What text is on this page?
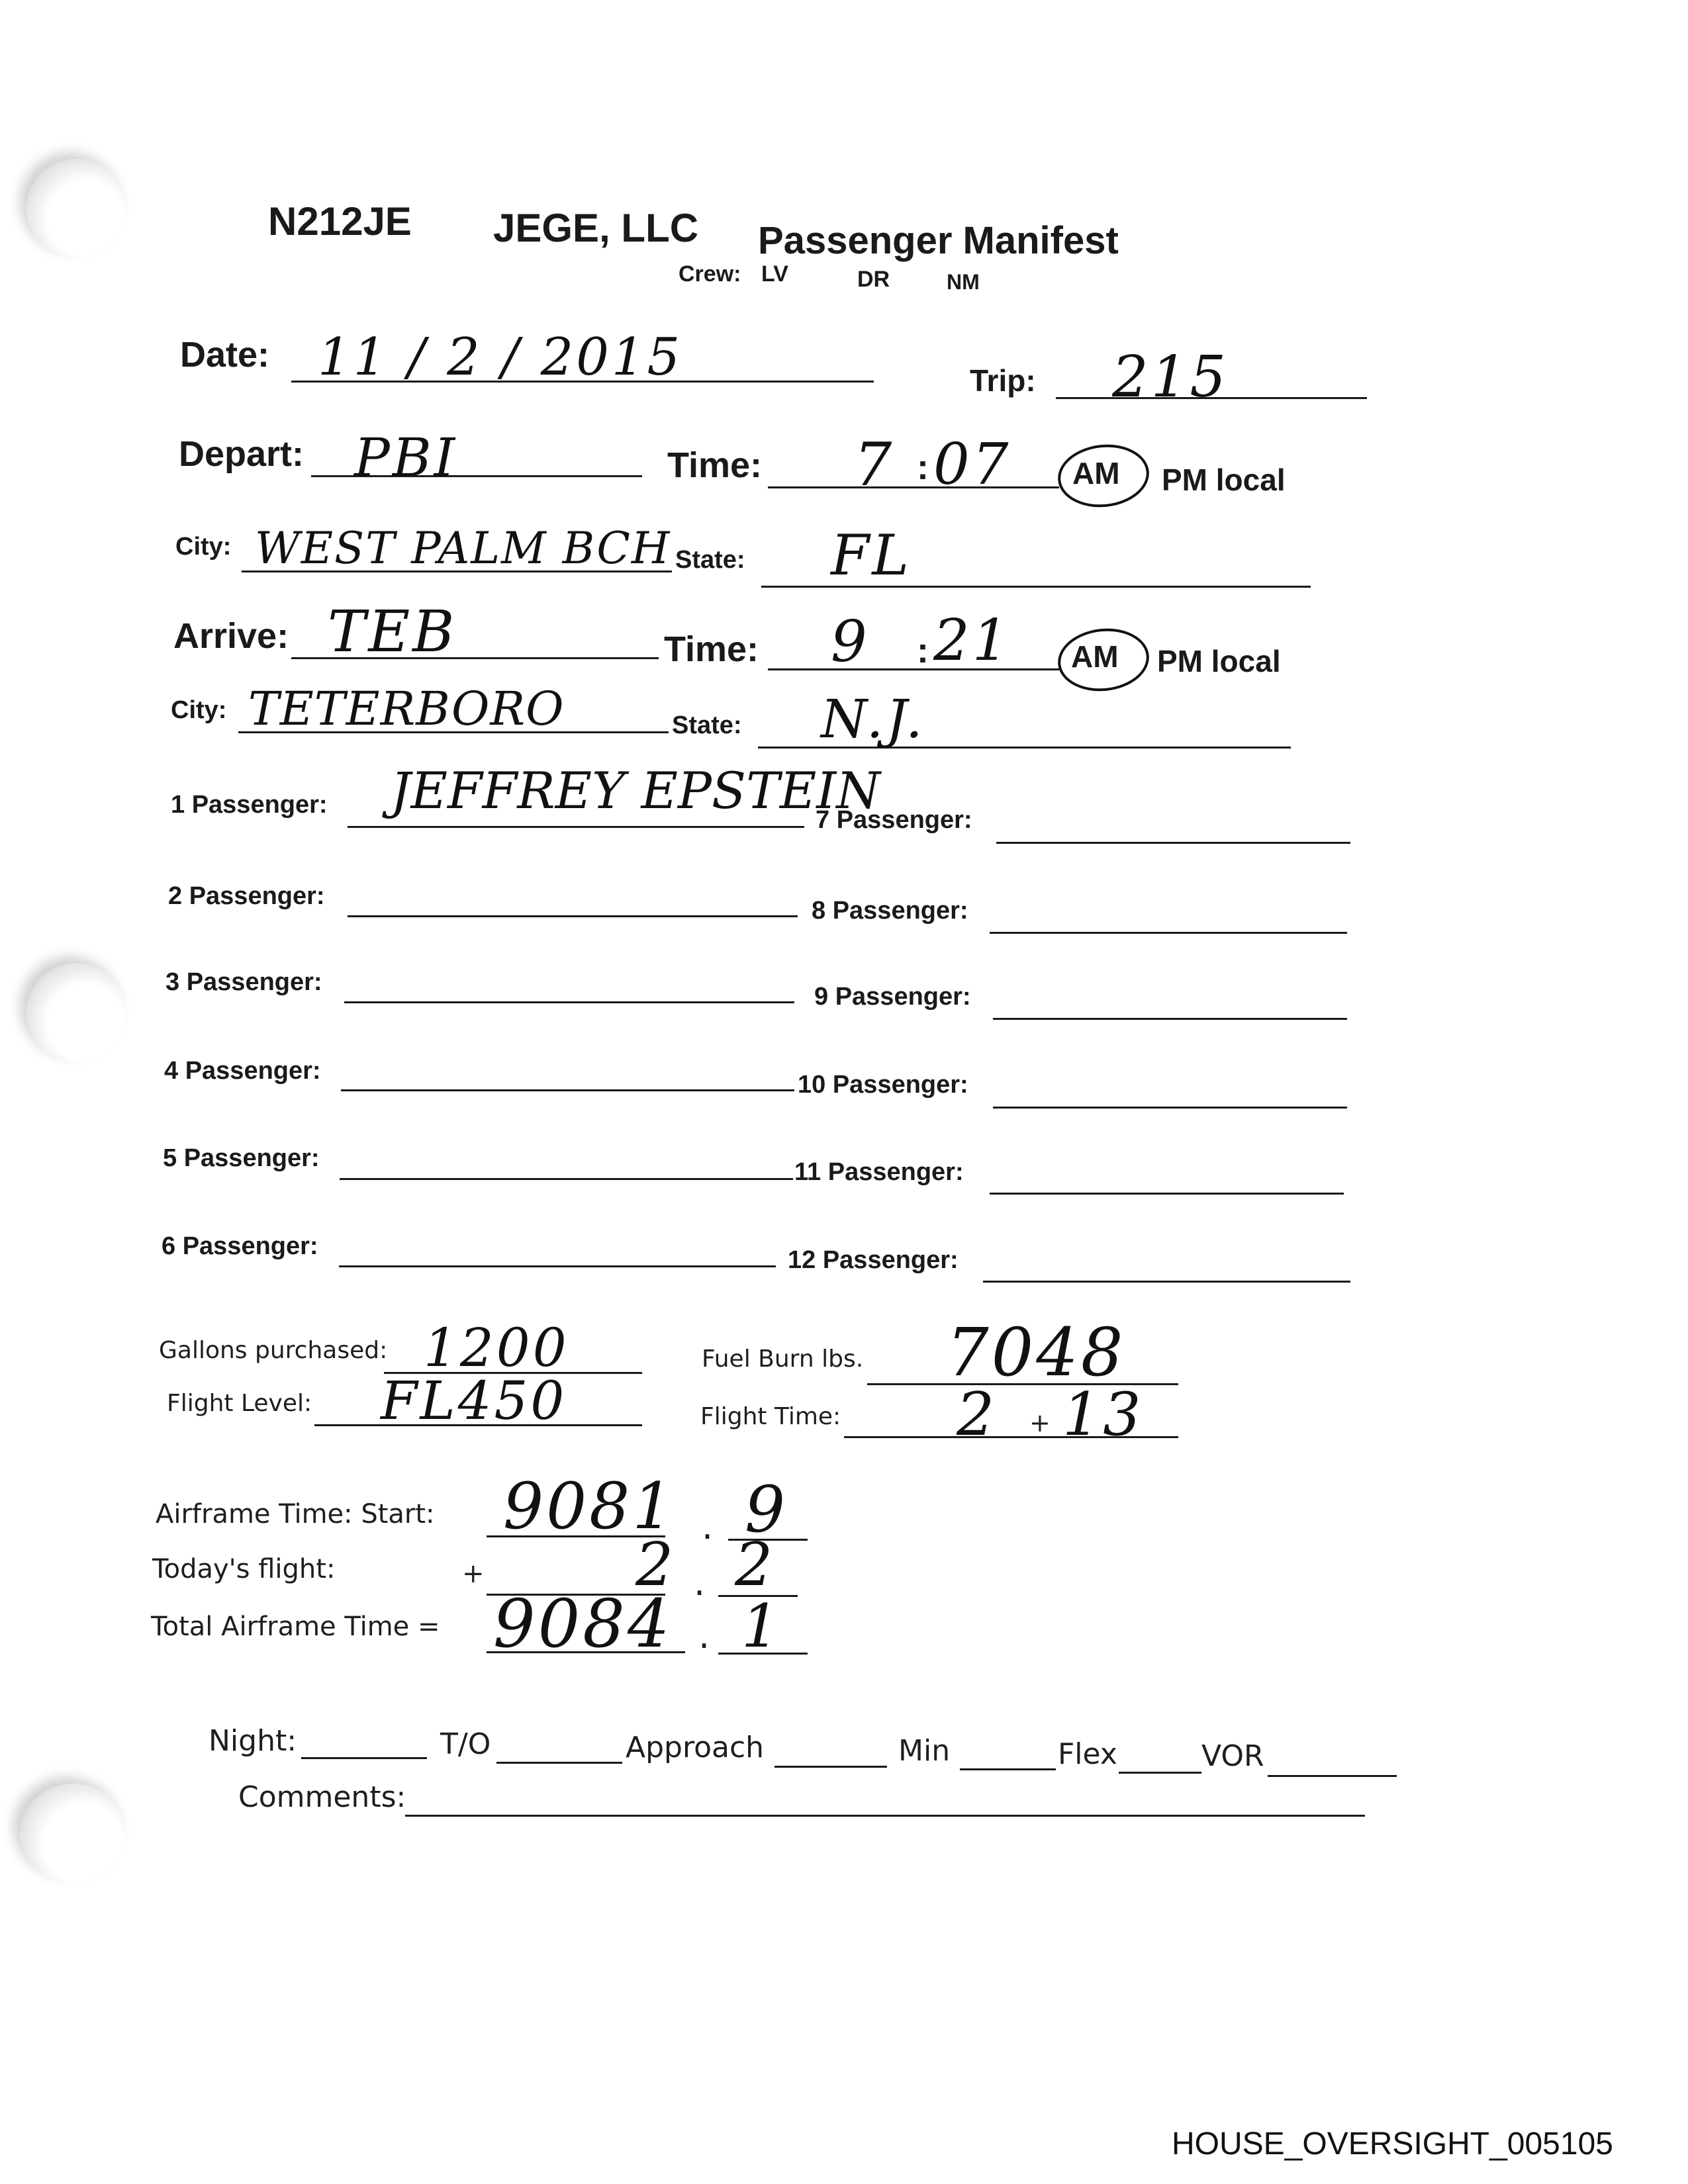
N212JE JEGE, LLC Passenger Manifest
Crew: LV	DR	NM
Date: 11 / 2 / 2015	Trip: 215
Depart: PBI	Time: 7 : 07 AM PM local
City: WEST PALM BCH State: FL
Arrive: TEB	Time: 9 : 21 AM PM local
City: TETERBORO	State: N.J.
1 Passenger: JEFFREY EPSTEIN
2 Passenger:
3 Passenger:
4 Passenger:
5 Passenger:
6 Passenger:
7 Passenger:
8 Passenger:
9 Passenger:
10 Passenger:
11 Passenger:
12 Passenger:
Gallons purchased: 1200	Fuel Burn lbs. 7048
Flight Level: FL450	Flight Time: 2 + 13
Airframe Time: Start: 9081 . 9
Today's flight:	+	2 . 2
Total Airframe Time = 9084 . 1
Night:	T/O	Approach	Min	Flex	VOR
Comments:
HOUSE_OVERSIGHT_005105
